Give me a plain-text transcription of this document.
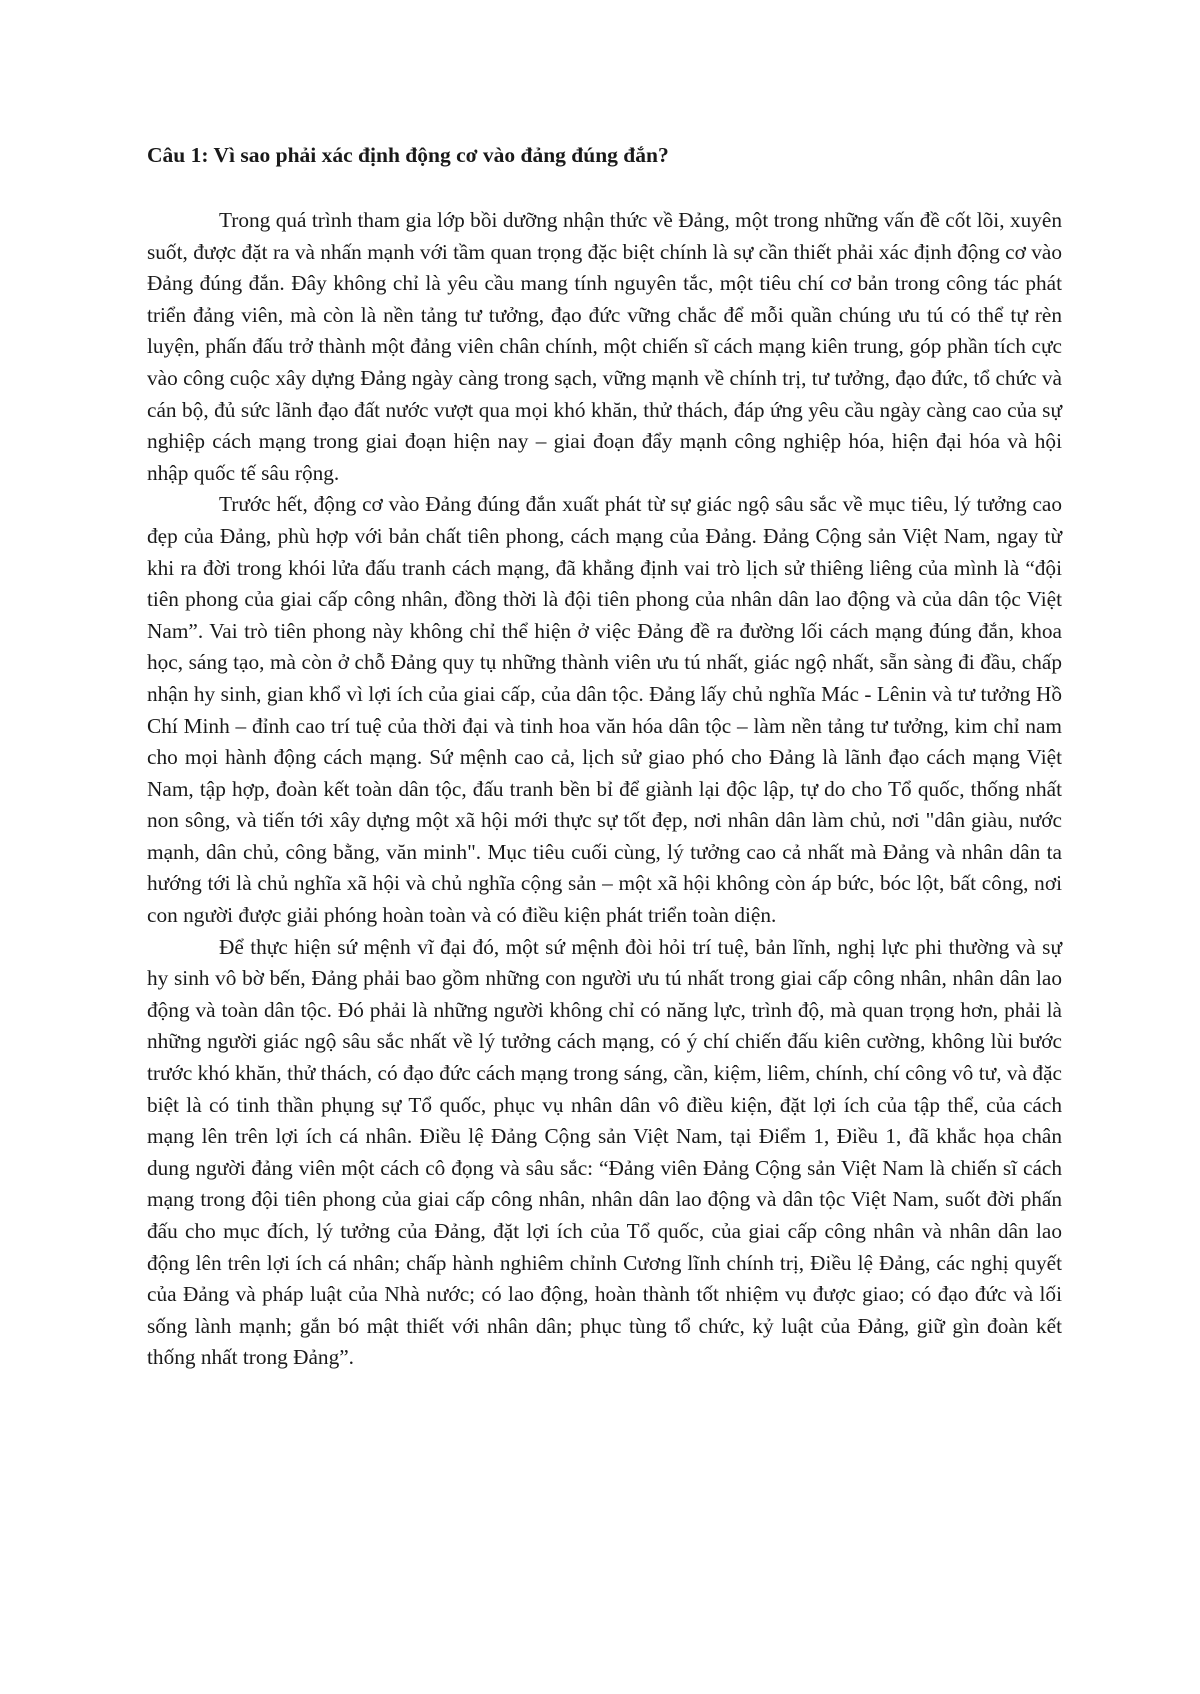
Câu 1: Vì sao phải xác định động cơ vào đảng đúng đắn?

Trong quá trình tham gia lớp bồi dưỡng nhận thức về Đảng, một trong những vấn đề cốt lõi, xuyên suốt, được đặt ra và nhấn mạnh với tầm quan trọng đặc biệt chính là sự cần thiết phải xác định động cơ vào Đảng đúng đắn. Đây không chỉ là yêu cầu mang tính nguyên tắc, một tiêu chí cơ bản trong công tác phát triển đảng viên, mà còn là nền tảng tư tưởng, đạo đức vững chắc để mỗi quần chúng ưu tú có thể tự rèn luyện, phấn đấu trở thành một đảng viên chân chính, một chiến sĩ cách mạng kiên trung, góp phần tích cực vào công cuộc xây dựng Đảng ngày càng trong sạch, vững mạnh về chính trị, tư tưởng, đạo đức, tổ chức và cán bộ, đủ sức lãnh đạo đất nước vượt qua mọi khó khăn, thử thách, đáp ứng yêu cầu ngày càng cao của sự nghiệp cách mạng trong giai đoạn hiện nay – giai đoạn đẩy mạnh công nghiệp hóa, hiện đại hóa và hội nhập quốc tế sâu rộng.

Trước hết, động cơ vào Đảng đúng đắn xuất phát từ sự giác ngộ sâu sắc về mục tiêu, lý tưởng cao đẹp của Đảng, phù hợp với bản chất tiên phong, cách mạng của Đảng. Đảng Cộng sản Việt Nam, ngay từ khi ra đời trong khói lửa đấu tranh cách mạng, đã khẳng định vai trò lịch sử thiêng liêng của mình là “đội tiên phong của giai cấp công nhân, đồng thời là đội tiên phong của nhân dân lao động và của dân tộc Việt Nam”. Vai trò tiên phong này không chỉ thể hiện ở việc Đảng đề ra đường lối cách mạng đúng đắn, khoa học, sáng tạo, mà còn ở chỗ Đảng quy tụ những thành viên ưu tú nhất, giác ngộ nhất, sẵn sàng đi đầu, chấp nhận hy sinh, gian khổ vì lợi ích của giai cấp, của dân tộc. Đảng lấy chủ nghĩa Mác - Lênin và tư tưởng Hồ Chí Minh – đỉnh cao trí tuệ của thời đại và tinh hoa văn hóa dân tộc – làm nền tảng tư tưởng, kim chỉ nam cho mọi hành động cách mạng. Sứ mệnh cao cả, lịch sử giao phó cho Đảng là lãnh đạo cách mạng Việt Nam, tập hợp, đoàn kết toàn dân tộc, đấu tranh bền bỉ để giành lại độc lập, tự do cho Tổ quốc, thống nhất non sông, và tiến tới xây dựng một xã hội mới thực sự tốt đẹp, nơi nhân dân làm chủ, nơi "dân giàu, nước mạnh, dân chủ, công bằng, văn minh". Mục tiêu cuối cùng, lý tưởng cao cả nhất mà Đảng và nhân dân ta hướng tới là chủ nghĩa xã hội và chủ nghĩa cộng sản – một xã hội không còn áp bức, bóc lột, bất công, nơi con người được giải phóng hoàn toàn và có điều kiện phát triển toàn diện.

Để thực hiện sứ mệnh vĩ đại đó, một sứ mệnh đòi hỏi trí tuệ, bản lĩnh, nghị lực phi thường và sự hy sinh vô bờ bến, Đảng phải bao gồm những con người ưu tú nhất trong giai cấp công nhân, nhân dân lao động và toàn dân tộc. Đó phải là những người không chỉ có năng lực, trình độ, mà quan trọng hơn, phải là những người giác ngộ sâu sắc nhất về lý tưởng cách mạng, có ý chí chiến đấu kiên cường, không lùi bước trước khó khăn, thử thách, có đạo đức cách mạng trong sáng, cần, kiệm, liêm, chính, chí công vô tư, và đặc biệt là có tinh thần phụng sự Tổ quốc, phục vụ nhân dân vô điều kiện, đặt lợi ích của tập thể, của cách mạng lên trên lợi ích cá nhân. Điều lệ Đảng Cộng sản Việt Nam, tại Điểm 1, Điều 1, đã khắc họa chân dung người đảng viên một cách cô đọng và sâu sắc: “Đảng viên Đảng Cộng sản Việt Nam là chiến sĩ cách mạng trong đội tiên phong của giai cấp công nhân, nhân dân lao động và dân tộc Việt Nam, suốt đời phấn đấu cho mục đích, lý tưởng của Đảng, đặt lợi ích của Tổ quốc, của giai cấp công nhân và nhân dân lao động lên trên lợi ích cá nhân; chấp hành nghiêm chỉnh Cương lĩnh chính trị, Điều lệ Đảng, các nghị quyết của Đảng và pháp luật của Nhà nước; có lao động, hoàn thành tốt nhiệm vụ được giao; có đạo đức và lối sống lành mạnh; gắn bó mật thiết với nhân dân; phục tùng tổ chức, kỷ luật của Đảng, giữ gìn đoàn kết thống nhất trong Đảng”.
